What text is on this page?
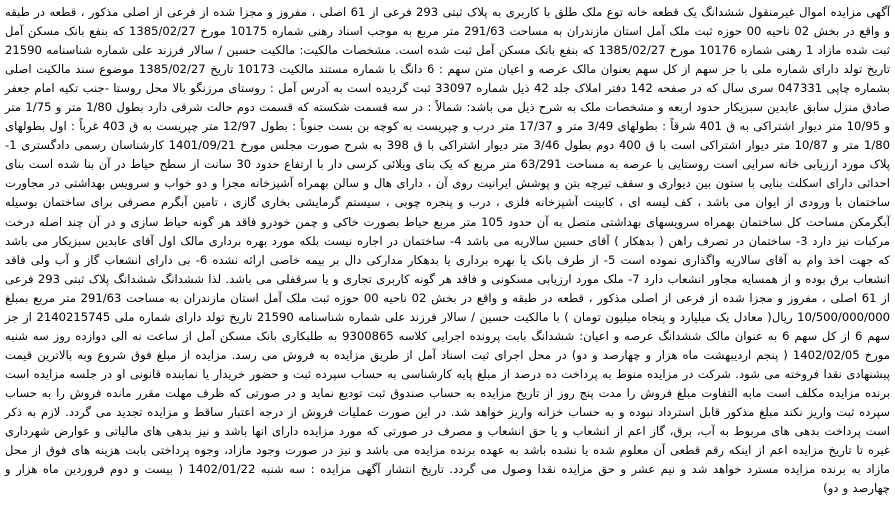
آگهی مزایده اموال غیرمنقول ششدانگ یک قطعه خانه توع ملک طلق با کاربری به پلاک ثبتی 293 فرعی از 61 اصلی ، مفروز و مجزا شده از فرعی از اصلی مذکور ، قطعه در طبقه و واقع در بخش 02 ناحیه 00 حوزه ثبت ملک آمل استان مازندران به مساحت 291/63 متر مربع به موجب اسناد رهنی شماره 10175 مورخ 1385/02/27 که بنفع بانک مسکن آمل ثبت شده مازاد 1 رهنی شماره 10176 مورخ 1385/02/27 که بنفع بانک مسکن آمل ثبت شده است. مشخصات مالکیت: مالکیت حسین / سالار فرزند علی شماره شناسنامه 21590 تاریخ تولد دارای شماره ملی با جز سهم از کل سهم بعنوان مالک عرصه و اعیان متن سهم : 6 دانگ با شماره مستند مالکیت 10173 تاریخ 1385/02/27 موضوع سند مالکیت اصلی بشماره چاپی 047331 سری سال که در صفحه 142 دفتر املاک جلد 42 ذیل شماره 33097 ثبت گردیده است به آدرس آمل : روستای مرزنگو بالا محل روستا -جنب تکیه امام جعفر صادق منزل سابق عابدین سبزیکار حدود اربعه و مشخصات ملک به شرح ذیل می باشد: شمالاً : در سه قسمت شکسته که قسمت دوم حالت شرقی دارد بطول 1/80 متر و 1/75 متر و 10/95 متر دیوار اشتراکی به ق 401 شرقاً : بطولهای 3/49 متر و 17/37 متر درب و چپریست به کوچه بن بست جنوباً : بطول 12/97 متر چپریست به ق 403 غرباً : اول بطولهای 1/80 متر و 10/87 متر دیوار اشتراکی است با ق 400 دوم بطول 3/46 متر دیوار اشتراکی با ق 398 به شرح صورت مجلس مورخ 1401/09/21 کارشناسان رسمی دادگستری 1-پلاک مورد ارزیابی خانه سرایی است روستایی با عرصه به مساحت 63/291 متر مربع که یک بنای ویلائی کرسی دار با ارتفاع حدود 30 سانت از سطح حیاط در آن بنا شده است بنای احداثی دارای اسکلت بنایی با ستون بین دیواری و سقف تیرچه بتن و پوشش ایرانیت روی آن ، دارای هال و سالن بهمراه آشپزخانه مجزا و دو خواب و سرویس بهداشتی در مجاورت ساختمان با ورودی از ایوان می باشد ، کف لیسه ای ، کابینت آشپزخانه فلزی ، درب و پنجره چوبی ، سیستم گرمایشی بخاری گازی ، تامین آبگرم مصرفی برای ساختمان بوسیله آبگرمکن مساحت کل ساختمان بهمراه سرویسهای بهداشتی متصل به آن حدود 105 متر مربع حیاط بصورت خاکی و چمن خودرو فاقد هر گونه حیاط سازی و در آن چند اصله درخت مرکبات نیز دارد 3- ساختمان در تصرف راهن ( بدهکار ) آقای حسین سالاریه می باشد 4- ساختمان در اجاره نیست بلکه مورد بهره برداری مالک اول آقای عابدین سبزیکار می باشد که جهت اخذ وام به آقای سالاریه واگذاری نموده است 5- از طرف بانک یا بهره برداری یا بدهکار مدارکی دال بر بیمه خاصی ارائه نشده 6- بی دارای انشعاب گاز و آب ولی فاقد انشعاب برق بوده و از همسایه مجاور انشعاب دارد 7- ملک مورد ارزیابی مسکونی و فاقد هر گونه کاربری تجاری و یا سرقفلی می باشد. لذا ششدانگ ششدانگ پلاک ثبتی 293 فرعی از 61 اصلی ، مفروز و مجزا شده از فرعی از اصلی مذکور ، قطعه در طبقه و واقع در بخش 02 ناحیه 00 حوزه ثبت ملک آمل استان مازندران به مساحت 291/63 متر مربع بمبلغ 10/500/000/000 ریال( معادل یک میلیارد و پنجاه میلیون تومان ) با مالکیت حسین / سالار فرزند علی شماره شناسنامه 21590 تاریخ تولد دارای شماره ملی 2140215745 از جز سهم 6 از کل سهم 6 به عنوان مالک ششدانگ عرصه و اعیان: ششدانگ بابت پرونده اجرایی کلاسه 9300865 به طلبکاری بانک مسکن آمل از ساعت نه الی دوازده روز سه شنبه مورخ 1402/02/05 ( پنجم اردیبهشت ماه هزار و چهارصد و دو) در محل اجرای ثبت اسناد آمل از طریق مزایده به فروش می رسد. مزایده از مبلغ فوق شروع وبه بالاترین قیمت پیشنهادی نقدا فروخته می شود. شرکت در مزایده منوط به پرداخت ده درصد از مبلغ پایه کارشناسی به حساب سپرده ثبت و حضور خریدار یا نماینده قانونی او در جلسه مزایده است برنده مزایده مکلف است مابه التفاوت مبلغ فروش را مدت پنج روز از تاریخ مزایده به حساب صندوق ثبت تودیع نماید و در صورتی که ظرف مهلت مقرر مانده فروش را به حساب سپرده ثبت واریز نکند مبلغ مذکور قابل استرداد نبوده و به حساب خزانه واریز خواهد شد. در این صورت عملیات فروش از درجه اعتبار ساقط و مزایده تجدید می گردد. لازم به ذکر است پرداخت بدهی های مربوط به آب، برق، گاز اعم از انشعاب و یا حق انشعاب و مصرف در صورتی که مورد مزایده دارای انها باشد و نیز بدهی های مالیاتی و عوارض شهرداری غیره تا تاریخ مزایده اعم از اینکه رقم قطعی آن معلوم شده یا نشده باشد به عهده برنده مزایده می باشد و نیز در صورت وجود مازاد، وجوه پرداختی بابت هزینه های فوق از محل مازاد به برنده مزایده مسترد خواهد شد و نیم عشر و حق مزایده نقدا وصول می گردد. تاریخ انتشار آگهی مزایده : سه شنبه 1402/01/22 ( بیست و دوم فروردین ماه هزار و چهارصد و دو)
